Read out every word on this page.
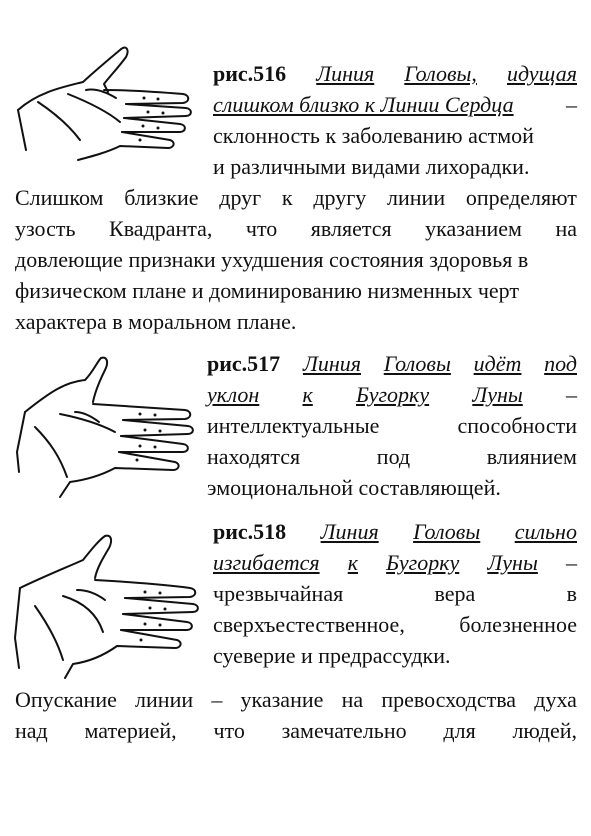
рис.516 Линия Головы, идущая
слишком близко к Линии Сердца –
склонность к заболеванию астмой
и различными видами лихорадки.
Слишком близкие друг к другу линии определяют
узость Квадранта, что является указанием на
довлеющие признаки ухудшения состояния здоровья в
физическом плане и доминированию низменных черт
характера в моральном плане.
рис.517 Линия Головы идёт под
уклон к Бугорку Луны –
интеллектуальные	способности
находятся	под	влиянием
эмоциональной составляющей.
рис.518 Линия Головы сильно
изгибается к Бугорку Луны –
чрезвычайная	вера	в
сверхъестественное, болезненное
суеверие и предрассудки.
Опускание линии – указание на превосходства духа
над материей, что замечательно для людей,
